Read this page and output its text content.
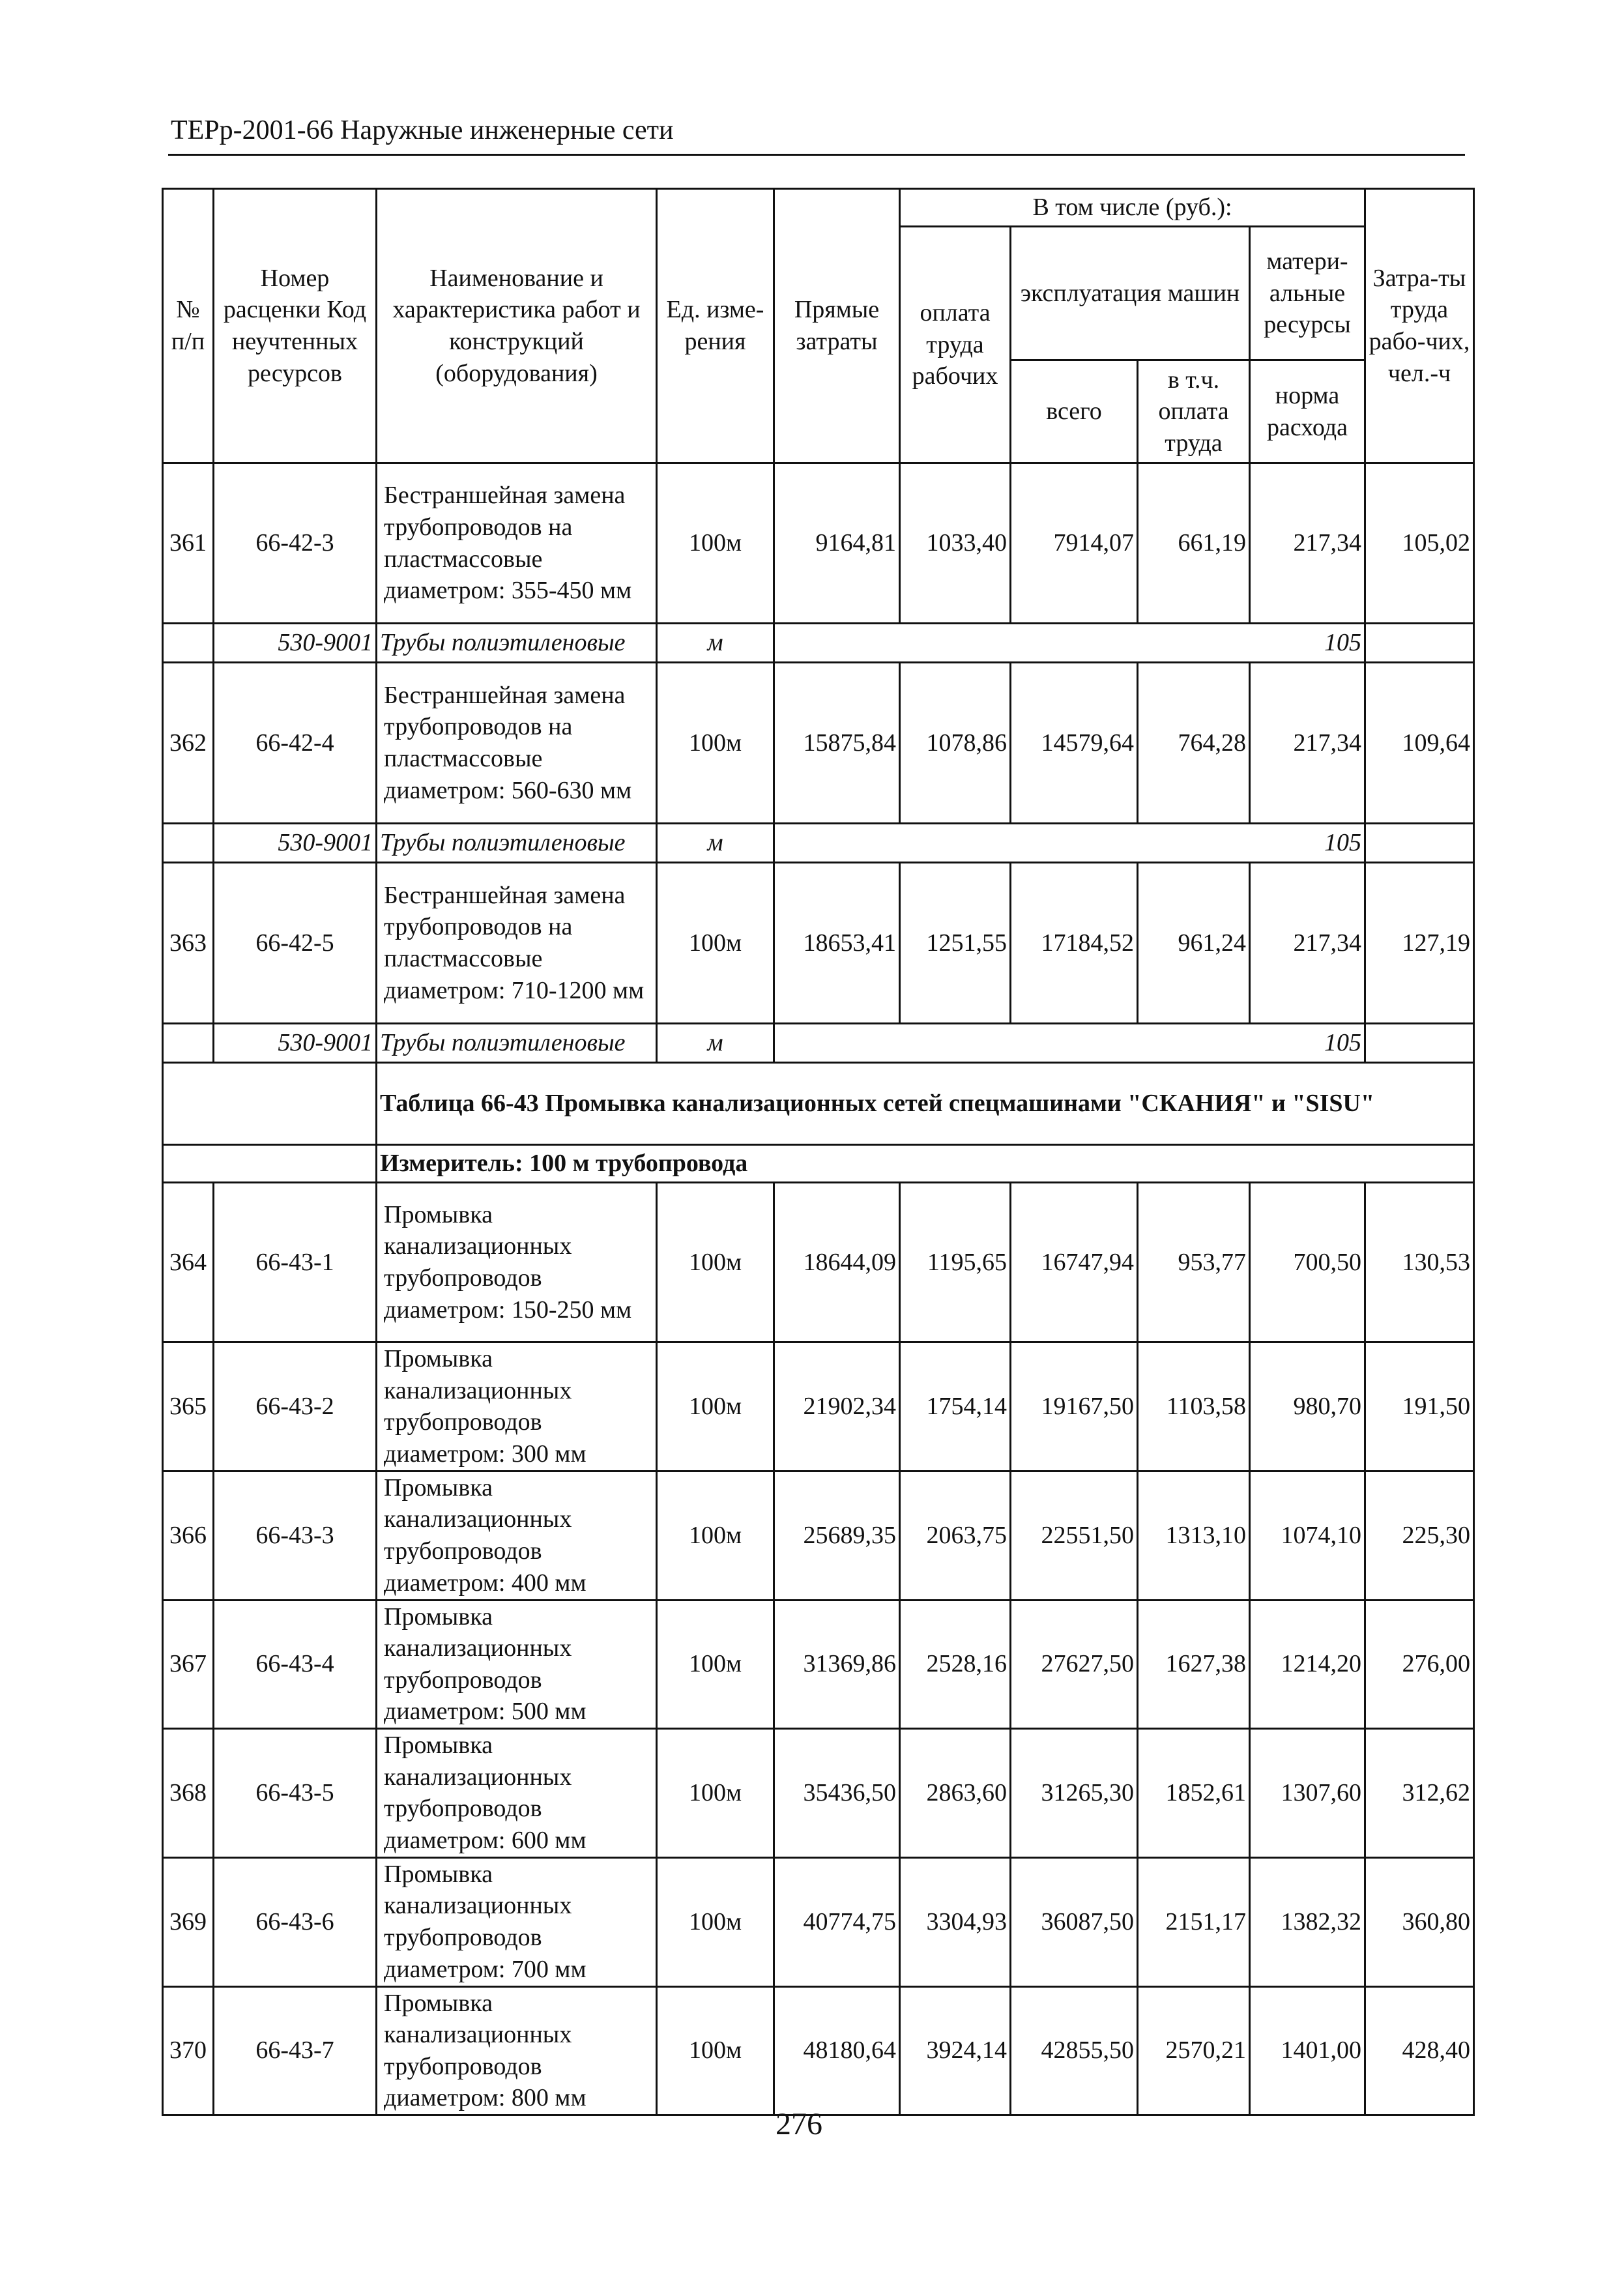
ТЕРр-2001-66 Наружные инженерные сети
№ п/п	Номер расценки Код неучтенных ресурсов	Наименование и характеристика работ и конструкций (оборудования)	Ед. изме-рения	Прямые затраты	В том числе (руб.):				Затра-ты труда рабо-чих, чел.-ч
					оплата труда рабочих	эксплуатация машин		матери-альные ресурсы	
						всего	в т.ч. оплата труда	норма расхода	
361	66-42-3	Бестраншейная замена трубопроводов на пластмассовые диаметром: 355-450 мм	100м	9164,81	1033,40	7914,07	661,19	217,34	105,02
	530-9001	Трубы полиэтиленовые	м	105					
362	66-42-4	Бестраншейная замена трубопроводов на пластмассовые диаметром: 560-630 мм	100м	15875,84	1078,86	14579,64	764,28	217,34	109,64
	530-9001	Трубы полиэтиленовые	м	105					
363	66-42-5	Бестраншейная замена трубопроводов на пластмассовые диаметром: 710-1200 мм	100м	18653,41	1251,55	17184,52	961,24	217,34	127,19
	530-9001	Трубы полиэтиленовые	м	105					
		Таблица 66-43 Промывка канализационных сетей спецмашинами "СКАНИЯ" и "SISU"							
		Измеритель: 100 м трубопровода							
364	66-43-1	Промывка канализационных трубопроводов диаметром: 150-250 мм	100м	18644,09	1195,65	16747,94	953,77	700,50	130,53
365	66-43-2	Промывка канализационных трубопроводов диаметром: 300 мм	100м	21902,34	1754,14	19167,50	1103,58	980,70	191,50
366	66-43-3	Промывка канализационных трубопроводов диаметром: 400 мм	100м	25689,35	2063,75	22551,50	1313,10	1074,10	225,30
367	66-43-4	Промывка канализационных трубопроводов диаметром: 500 мм	100м	31369,86	2528,16	27627,50	1627,38	1214,20	276,00
368	66-43-5	Промывка канализационных трубопроводов диаметром: 600 мм	100м	35436,50	2863,60	31265,30	1852,61	1307,60	312,62
369	66-43-6	Промывка канализационных трубопроводов диаметром: 700 мм	100м	40774,75	3304,93	36087,50	2151,17	1382,32	360,80
370	66-43-7	Промывка канализационных трубопроводов диаметром: 800 мм	100м	48180,64	3924,14	42855,50	2570,21	1401,00	428,40
276
